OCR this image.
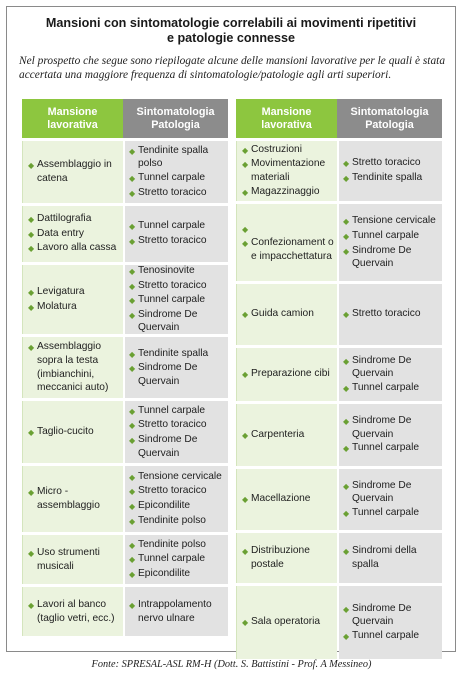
Mansioni con sintomatologie correlabili ai movimenti ripetitivi
e patologie connesse
Nel prospetto che segue sono riepilogate alcune delle mansioni lavorative per le quali è stata accertata una maggiore frequenza di sintomatologie/patologie agli arti superiori.
Mansione
lavorativa
Sintomatologia
Patologia
◆ Assemblaggio in catena
◆ Tendinite spalla polso
◆ Tunnel carpale
◆ Stretto toracico
◆ Dattilografia
◆ Data entry
◆ Lavoro alla cassa
◆ Tunnel carpale
◆ Stretto toracico
◆ Levigatura
◆ Molatura
◆ Tenosinovite
◆ Stretto toracico
◆ Tunnel carpale
◆ Sindrome De Quervain
◆ Assemblaggio sopra la testa (imbianchini, meccanici auto)
◆ Tendinite spalla
◆ Sindrome De Quervain
◆ Taglio-cucito
◆ Tunnel carpale
◆ Stretto toracico
◆ Sindrome De Quervain
◆ Micro - assemblaggio
◆ Tensione cervicale
◆ Stretto toracico
◆ Epicondilite
◆ Tendinite polso
◆ Uso strumenti musicali
◆ Tendinite polso
◆ Tunnel carpale
◆ Epicondilite
◆ Lavori al banco (taglio vetri, ecc.)
◆ Intrappolamento nervo ulnare
Mansione
lavorativa
Sintomatologia
Patologia
◆ Costruzioni
◆ Movimentazione materiali
◆ Magazzinaggio
◆ Stretto toracico
◆ Tendinite spalla
◆
◆ Confezionament o e impacchettatura
◆ Tensione cervicale
◆ Tunnel carpale
◆ Sindrome De Quervain
◆ Guida camion	◆ Stretto toracico
◆ Preparazione cibi
◆ Sindrome De Quervain
◆ Tunnel carpale
◆ Carpenteria
◆ Sindrome De Quervain
◆ Tunnel carpale
◆ Macellazione
◆ Sindrome De Quervain
◆ Tunnel carpale
◆ Distribuzione postale
◆ Sindromi della spalla
◆ Sala operatoria
◆ Sindrome De Quervain
◆ Tunnel carpale
Fonte: SPRESAL-ASL RM-H (Dott. S. Battistini - Prof. A Messineo)
